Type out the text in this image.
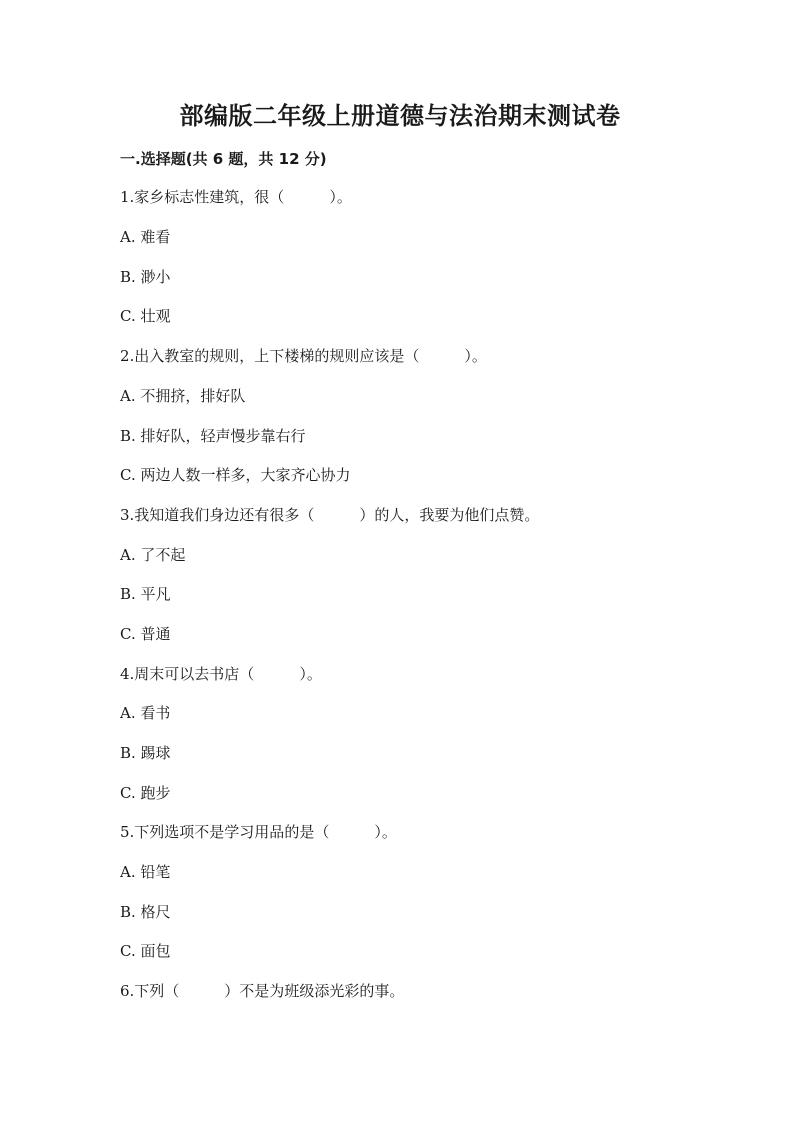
部编版二年级上册道德与法治期末测试卷
一.选择题(共 6 题，共 12 分)
1.家乡标志性建筑，很（　　　）。
A. 难看
B. 渺小
C. 壮观
2.出入教室的规则，上下楼梯的规则应该是（　　　）。
A. 不拥挤，排好队
B. 排好队，轻声慢步靠右行
C. 两边人数一样多，大家齐心协力
3.我知道我们身边还有很多（　　　）的人，我要为他们点赞。
A. 了不起
B. 平凡
C. 普通
4.周末可以去书店（　　　）。
A. 看书
B. 踢球
C. 跑步
5.下列选项不是学习用品的是（　　　）。
A. 铅笔
B. 格尺
C. 面包
6.下列（　　　）不是为班级添光彩的事。
